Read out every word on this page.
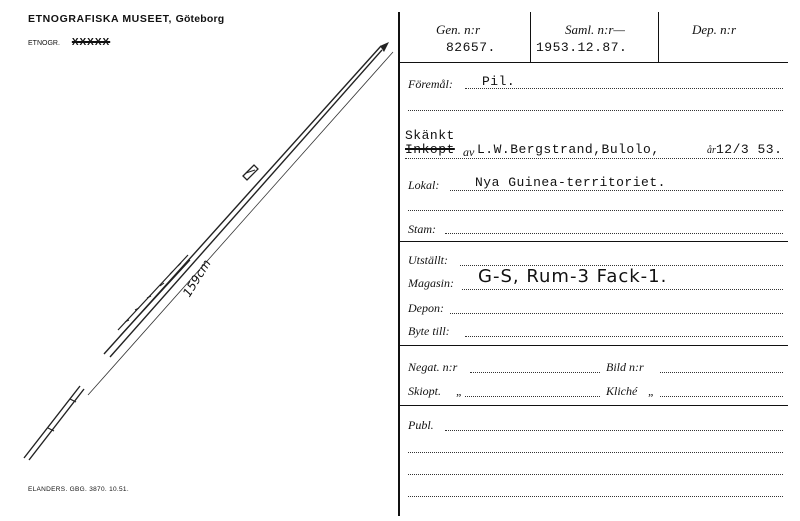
ETNOGRAFISKA MUSEET, Göteborg
ETNOGR. XXXXX
159cm
ELANDERS. GBG. 3870. 10.51.
Gen. n:r
82657.
Saml. n:r—
1953.12.87.
Dep. n:r
Föremål: Pil.
Skänkt
Inkopt av L.W.Bergstrand,Bulolo,	år 12/3 53.
Lokal:	Nya Guinea-territoriet.
Stam:
Utställt:
Magasin: G-S, Rum-3 Fack-1.
Depon:
Byte till:
Negat. n:r	Bild n:r
Skiopt. „	Kliché „
Publ.
